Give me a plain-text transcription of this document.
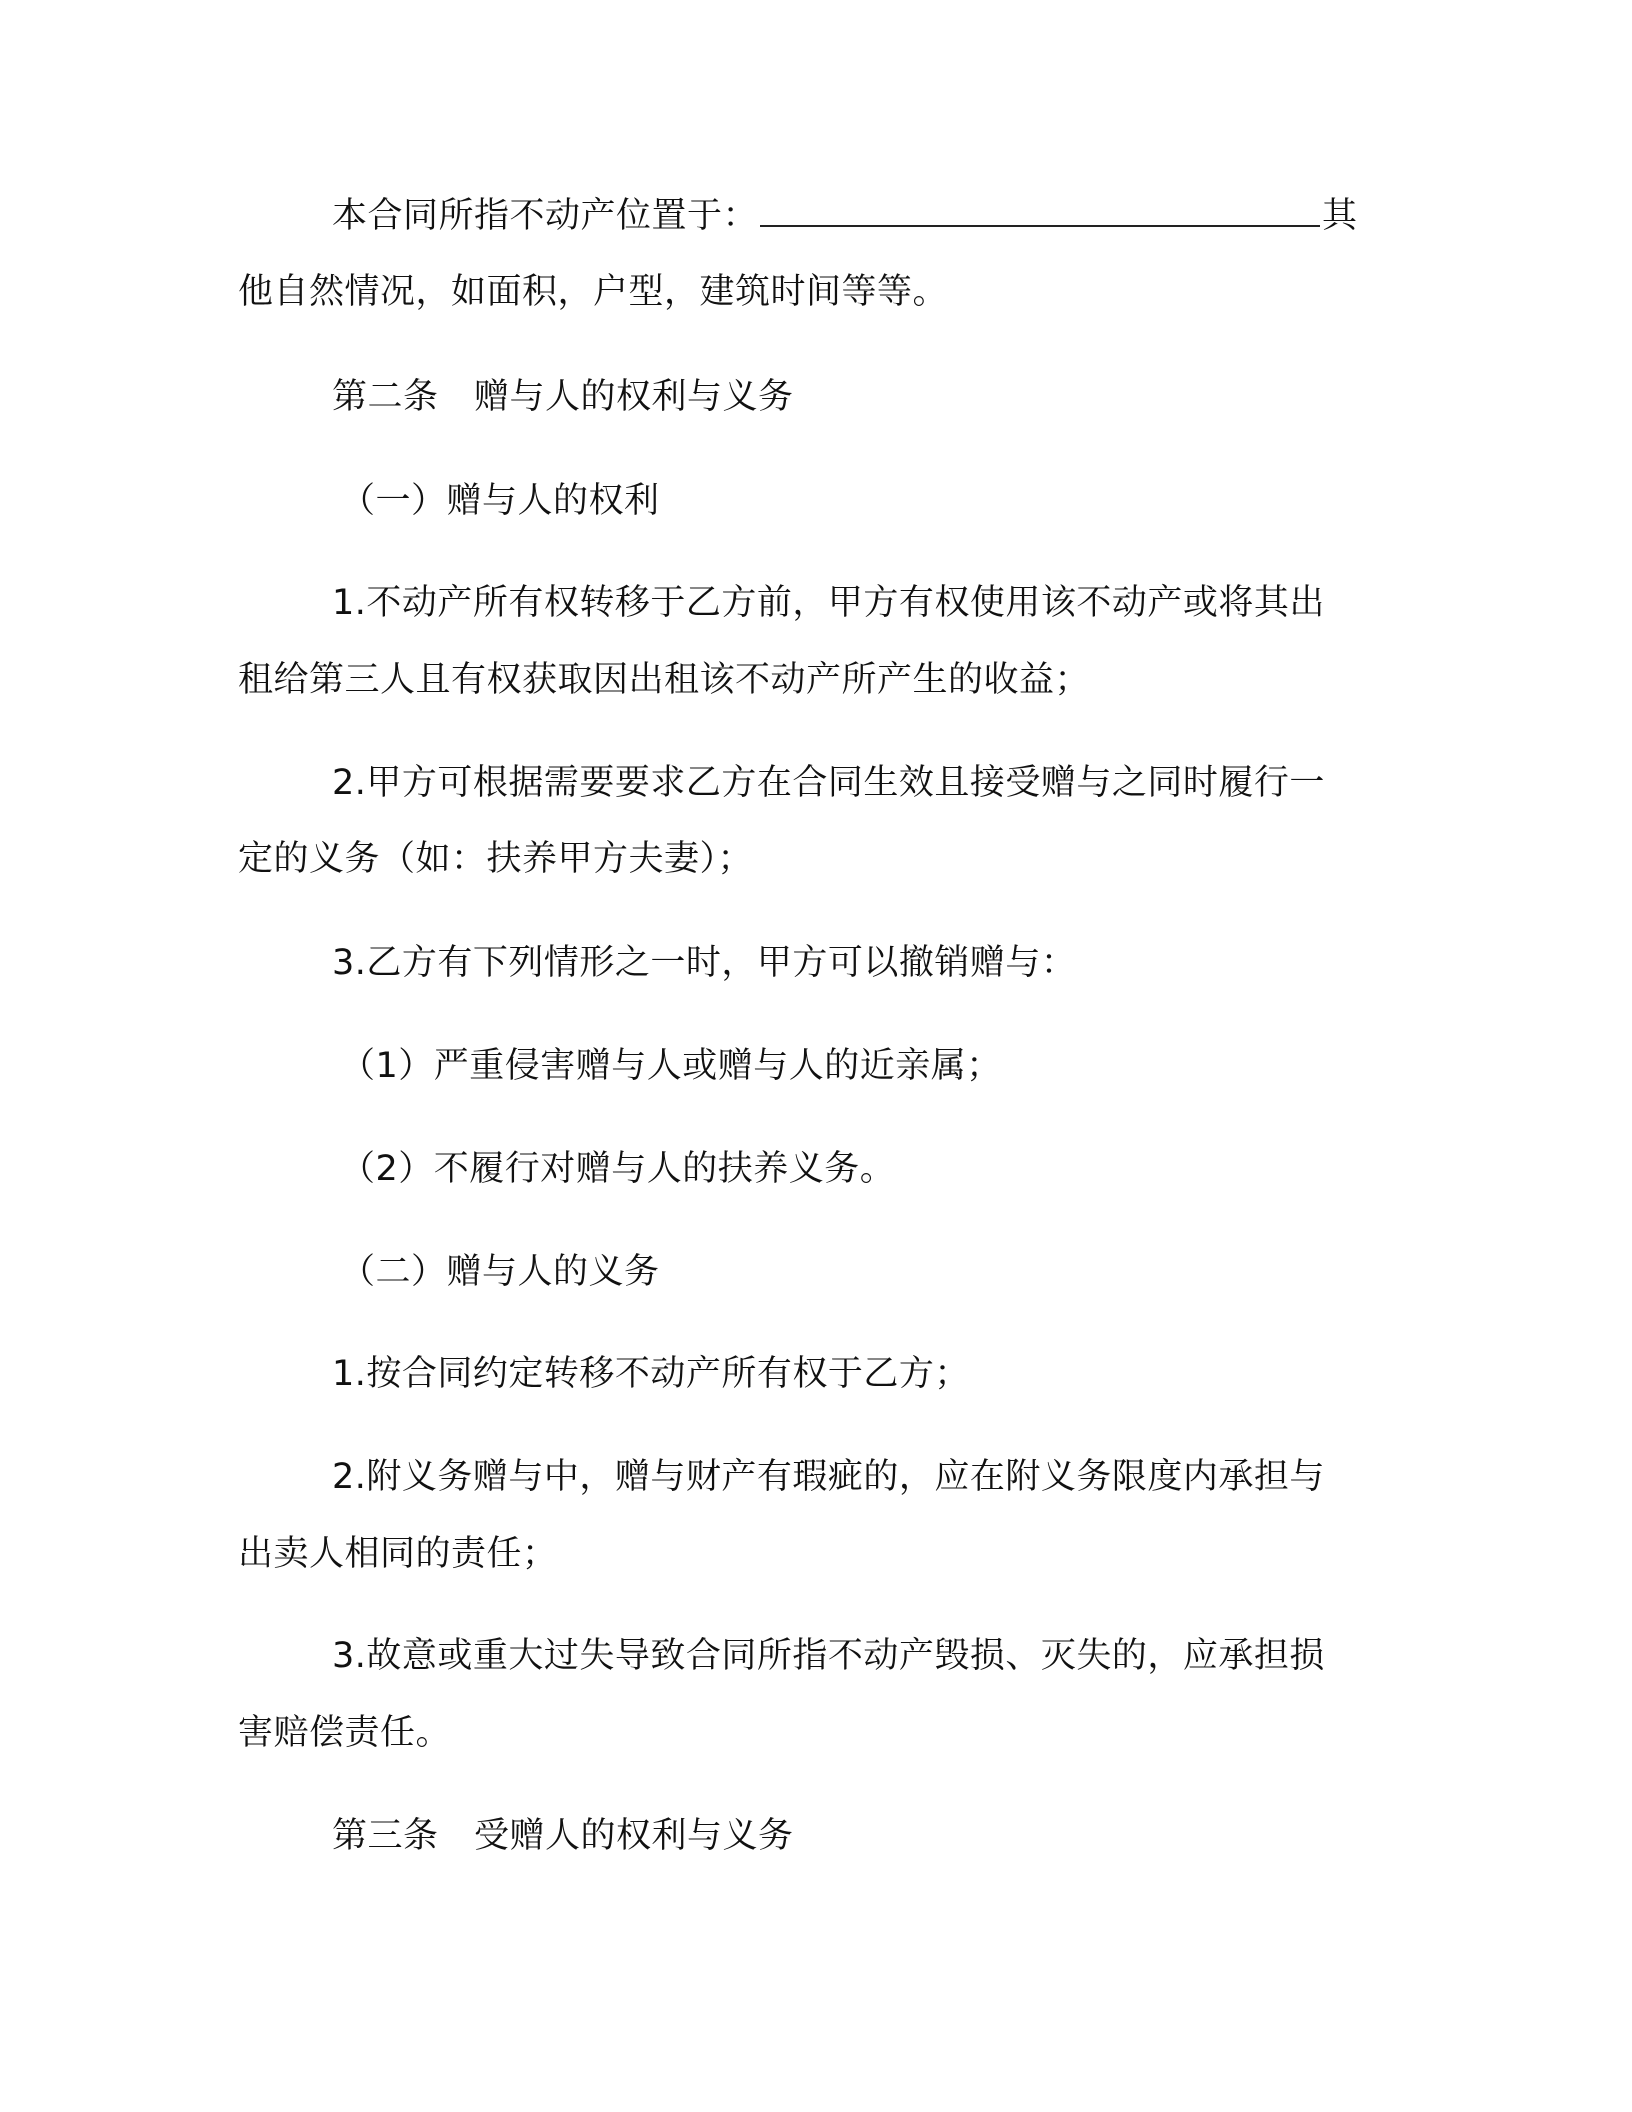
本合同所指不动产位置于：	其
他自然情况，如面积，户型，建筑时间等等。
第二条　赠与人的权利与义务
（一）赠与人的权利
1.不动产所有权转移于乙方前，甲方有权使用该不动产或将其出
租给第三人且有权获取因出租该不动产所产生的收益；
2.甲方可根据需要要求乙方在合同生效且接受赠与之同时履行一
定的义务（如：扶养甲方夫妻）；
3.乙方有下列情形之一时，甲方可以撤销赠与：
（1）严重侵害赠与人或赠与人的近亲属；
（2）不履行对赠与人的扶养义务。
（二）赠与人的义务
1.按合同约定转移不动产所有权于乙方；
2.附义务赠与中，赠与财产有瑕疵的，应在附义务限度内承担与
出卖人相同的责任；
3.故意或重大过失导致合同所指不动产毁损、灭失的，应承担损
害赔偿责任。
第三条　受赠人的权利与义务
